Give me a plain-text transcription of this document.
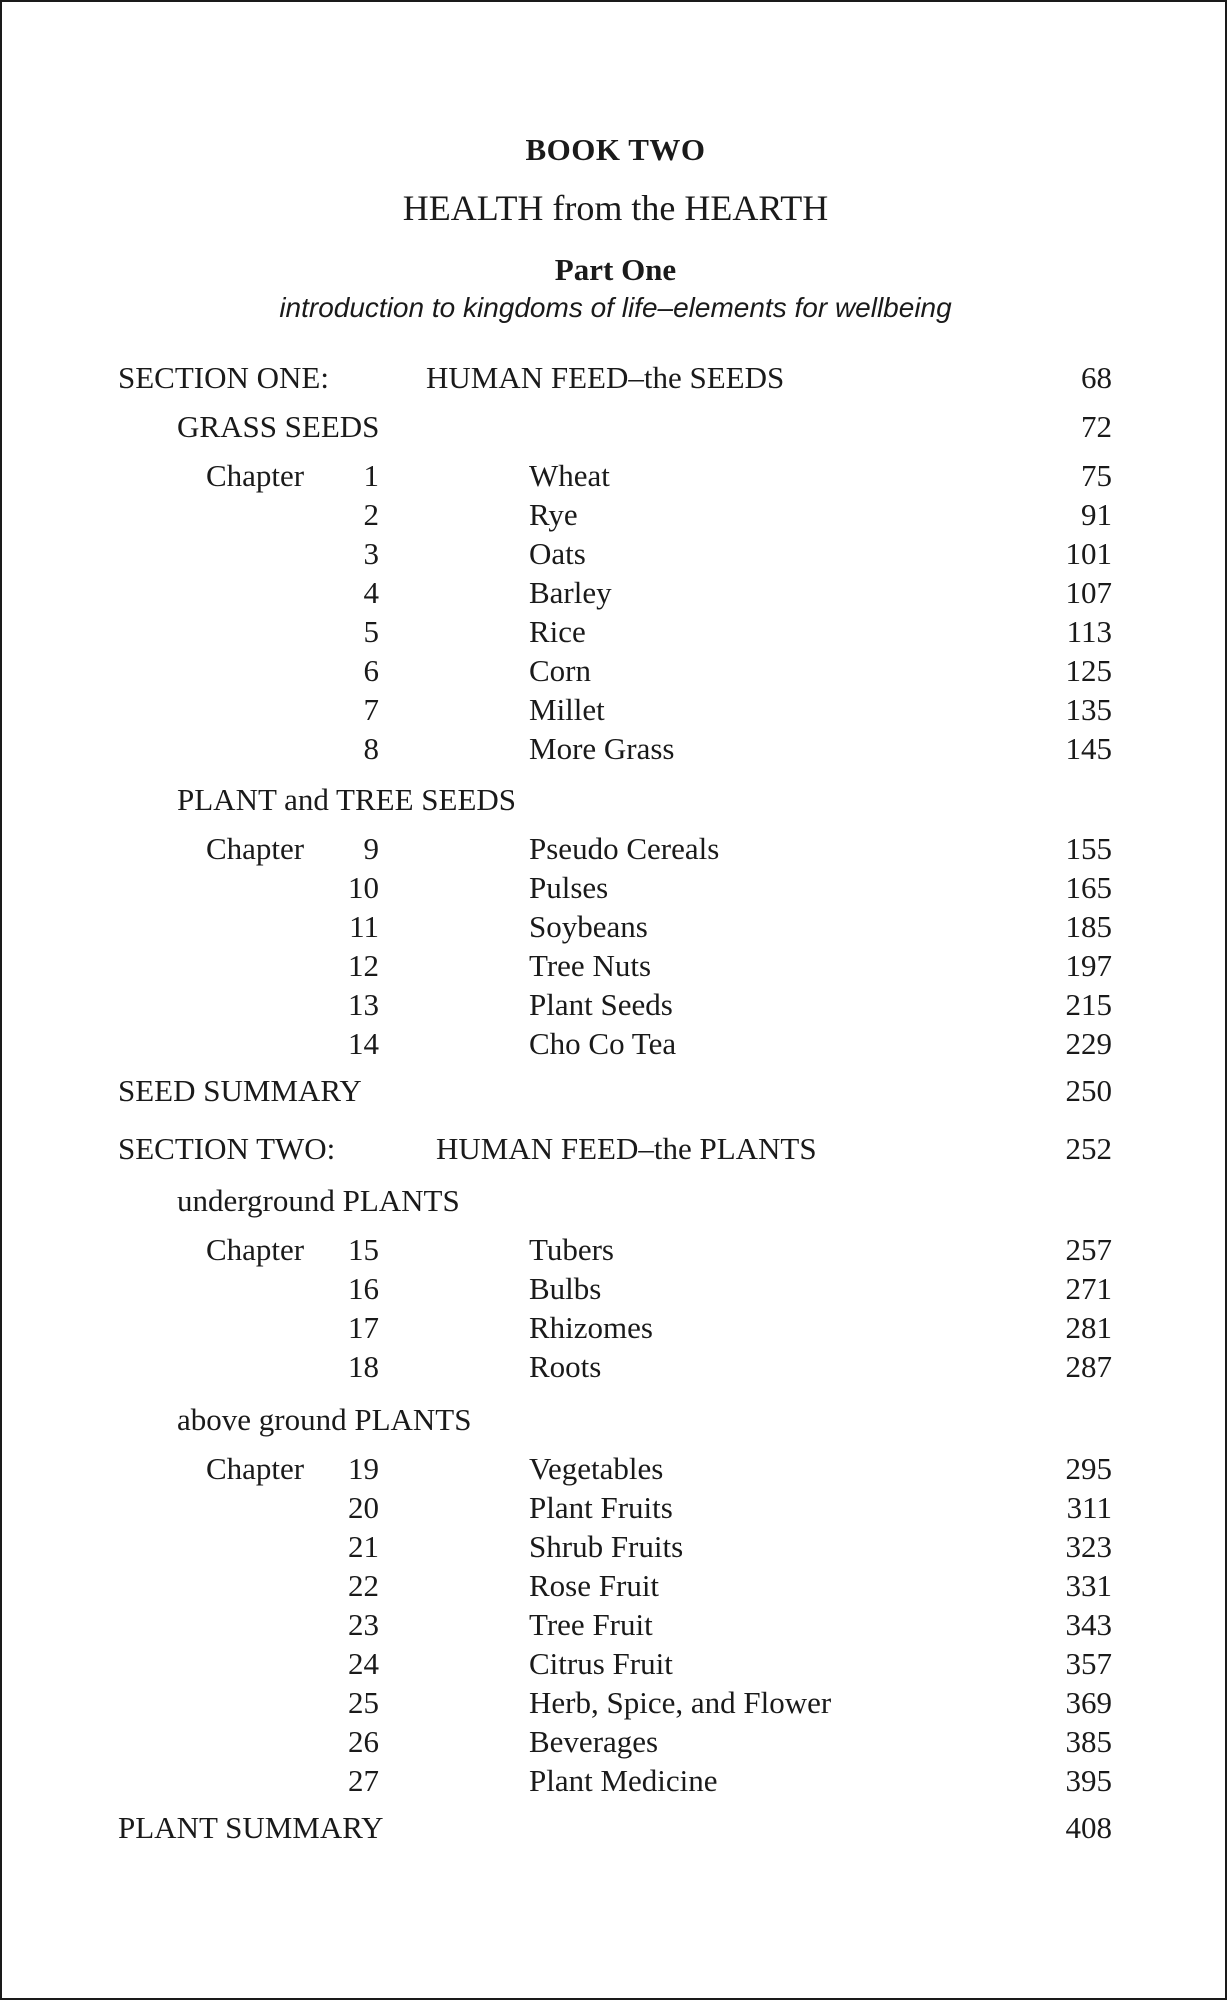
BOOK TWO
HEALTH from the HEARTH
Part One
introduction to kingdoms of life–elements for wellbeing
SECTION ONE:	HUMAN FEED–the SEEDS	68
GRASS SEEDS	72
Chapter 1	Wheat	75
2	Rye	91
3	Oats	101
4	Barley	107
5	Rice	113
6	Corn	125
7	Millet	135
8	More Grass	145
PLANT and TREE SEEDS
Chapter 9	Pseudo Cereals	155
10	Pulses	165
11	Soybeans	185
12	Tree Nuts	197
13	Plant Seeds	215
14	Cho Co Tea	229
SEED SUMMARY	250
SECTION TWO:	HUMAN FEED–the PLANTS	252
underground PLANTS
Chapter 15	Tubers	257
16	Bulbs	271
17	Rhizomes	281
18	Roots	287
above ground PLANTS
Chapter 19	Vegetables	295
20	Plant Fruits	311
21	Shrub Fruits	323
22	Rose Fruit	331
23	Tree Fruit	343
24	Citrus Fruit	357
25	Herb, Spice, and Flower	369
26	Beverages	385
27	Plant Medicine	395
PLANT SUMMARY	408
